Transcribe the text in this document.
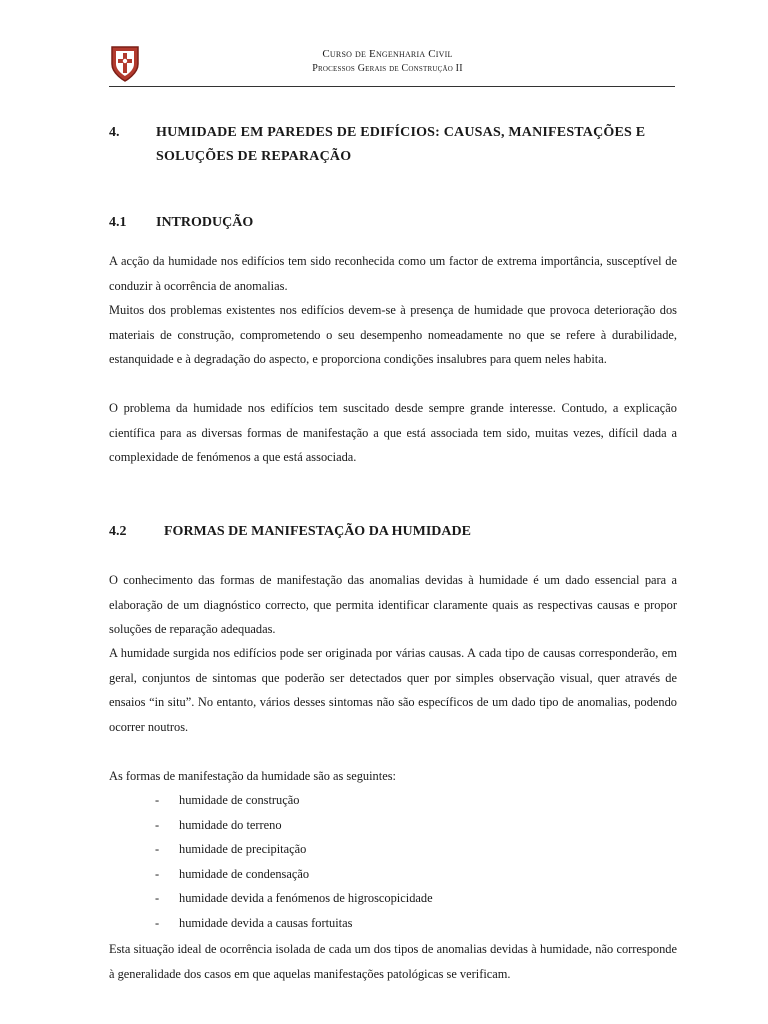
Curso de Engenharia Civil
Processos Gerais de Construção II
4.	HUMIDADE EM PAREDES DE EDIFÍCIOS: CAUSAS, MANIFESTAÇÕES E SOLUÇÕES DE REPARAÇÃO
4.1 INTRODUÇÃO

A acção da humidade nos edifícios tem sido reconhecida como um factor de extrema importância, susceptível de conduzir à ocorrência de anomalias.

Muitos dos problemas existentes nos edifícios devem-se à presença de humidade que provoca deterioração dos materiais de construção, comprometendo o seu desempenho nomeadamente no que se refere à durabilidade, estanquidade e à degradação do aspecto, e proporciona condições insalubres para quem neles habita.

O problema da humidade nos edifícios tem suscitado desde sempre grande interesse. Contudo, a explicação científica para as diversas formas de manifestação a que está associada tem sido, muitas vezes, difícil dada a complexidade de fenómenos a que está associada.

4.2	FORMAS DE MANIFESTAÇÃO DA HUMIDADE

O conhecimento das formas de manifestação das anomalias devidas à humidade é um dado essencial para a elaboração de um diagnóstico correcto, que permita identificar claramente quais as respectivas causas e propor soluções de reparação adequadas.

A humidade surgida nos edifícios pode ser originada por várias causas. A cada tipo de causas corresponderão, em geral, conjuntos de sintomas que poderão ser detectados quer por simples observação visual, quer através de ensaios “in situ”. No entanto, vários desses sintomas não são específicos de um dado tipo de anomalias, podendo ocorrer noutros.

As formas de manifestação da humidade são as seguintes:

-	humidade de construção
-	humidade do terreno
-	humidade de precipitação
-	humidade de condensação
-	humidade devida a fenómenos de higroscopicidade
-	humidade devida a causas fortuitas

Esta situação ideal de ocorrência isolada de cada um dos tipos de anomalias devidas à humidade, não corresponde à generalidade dos casos em que aquelas manifestações patológicas se verificam.
